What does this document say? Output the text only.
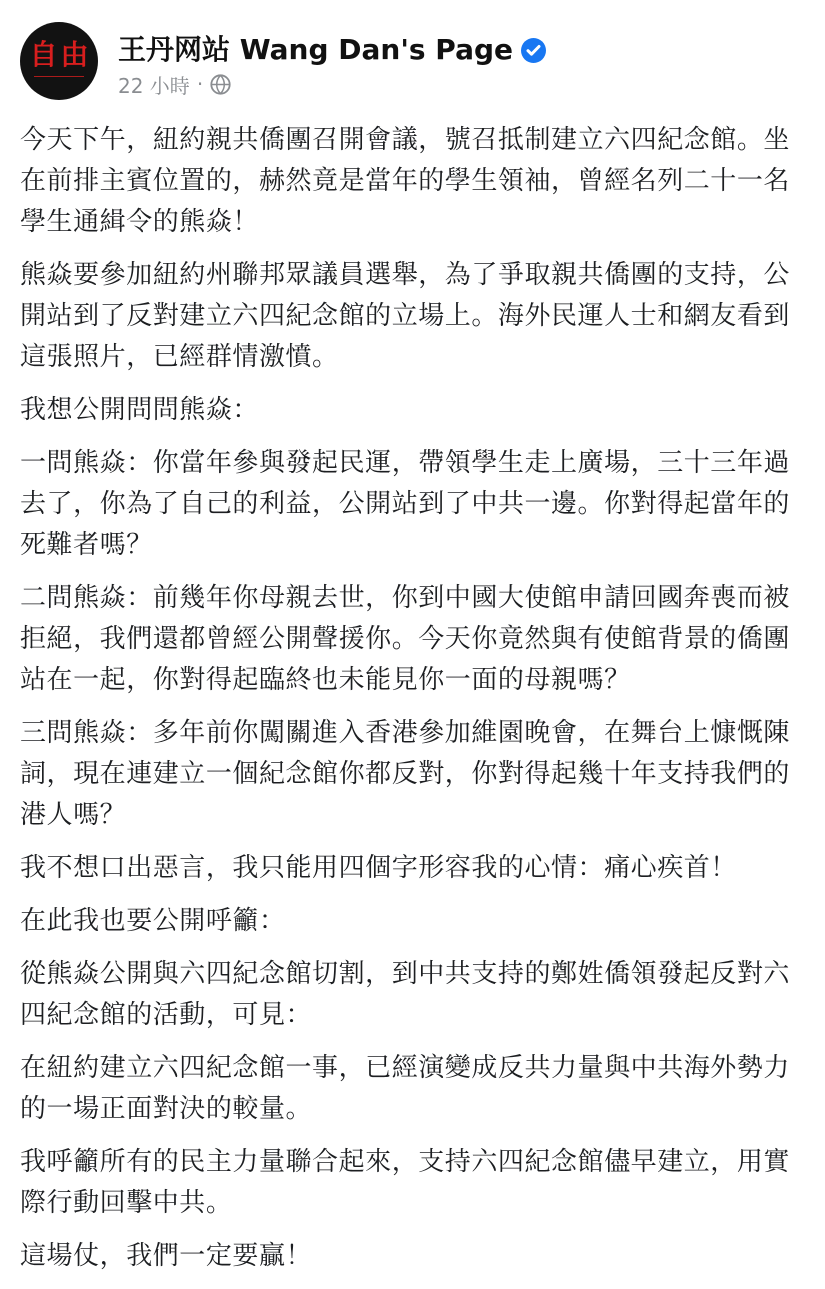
自 由 王丹网站 Wang Dan's Page
22 小時 ·

今天下午，紐約親共僑團召開會議，號召抵制建立六四紀念館。坐在前排主賓位置的，赫然竟是當年的學生領袖，曾經名列二十一名學生通緝令的熊焱！

熊焱要參加紐約州聯邦眾議員選舉，為了爭取親共僑團的支持，公開站到了反對建立六四紀念館的立場上。海外民運人士和網友看到這張照片，已經群情激憤。

我想公開問問熊焱：

一問熊焱：你當年參與發起民運，帶領學生走上廣場，三十三年過去了，你為了自己的利益，公開站到了中共一邊。你對得起當年的死難者嗎？

二問熊焱：前幾年你母親去世，你到中國大使館申請回國奔喪而被拒絕，我們還都曾經公開聲援你。今天你竟然與有使館背景的僑團站在一起，你對得起臨終也未能見你一面的母親嗎？

三問熊焱：多年前你闖關進入香港參加維園晚會，在舞台上慷慨陳詞，現在連建立一個紀念館你都反對，你對得起幾十年支持我們的港人嗎？

我不想口出惡言，我只能用四個字形容我的心情：痛心疾首！

在此我也要公開呼籲：

從熊焱公開與六四紀念館切割，到中共支持的鄭姓僑領發起反對六四紀念館的活動，可見：

在紐約建立六四紀念館一事，已經演變成反共力量與中共海外勢力的一場正面對決的較量。

我呼籲所有的民主力量聯合起來，支持六四紀念館儘早建立，用實際行動回擊中共。

這場仗，我們一定要贏！
